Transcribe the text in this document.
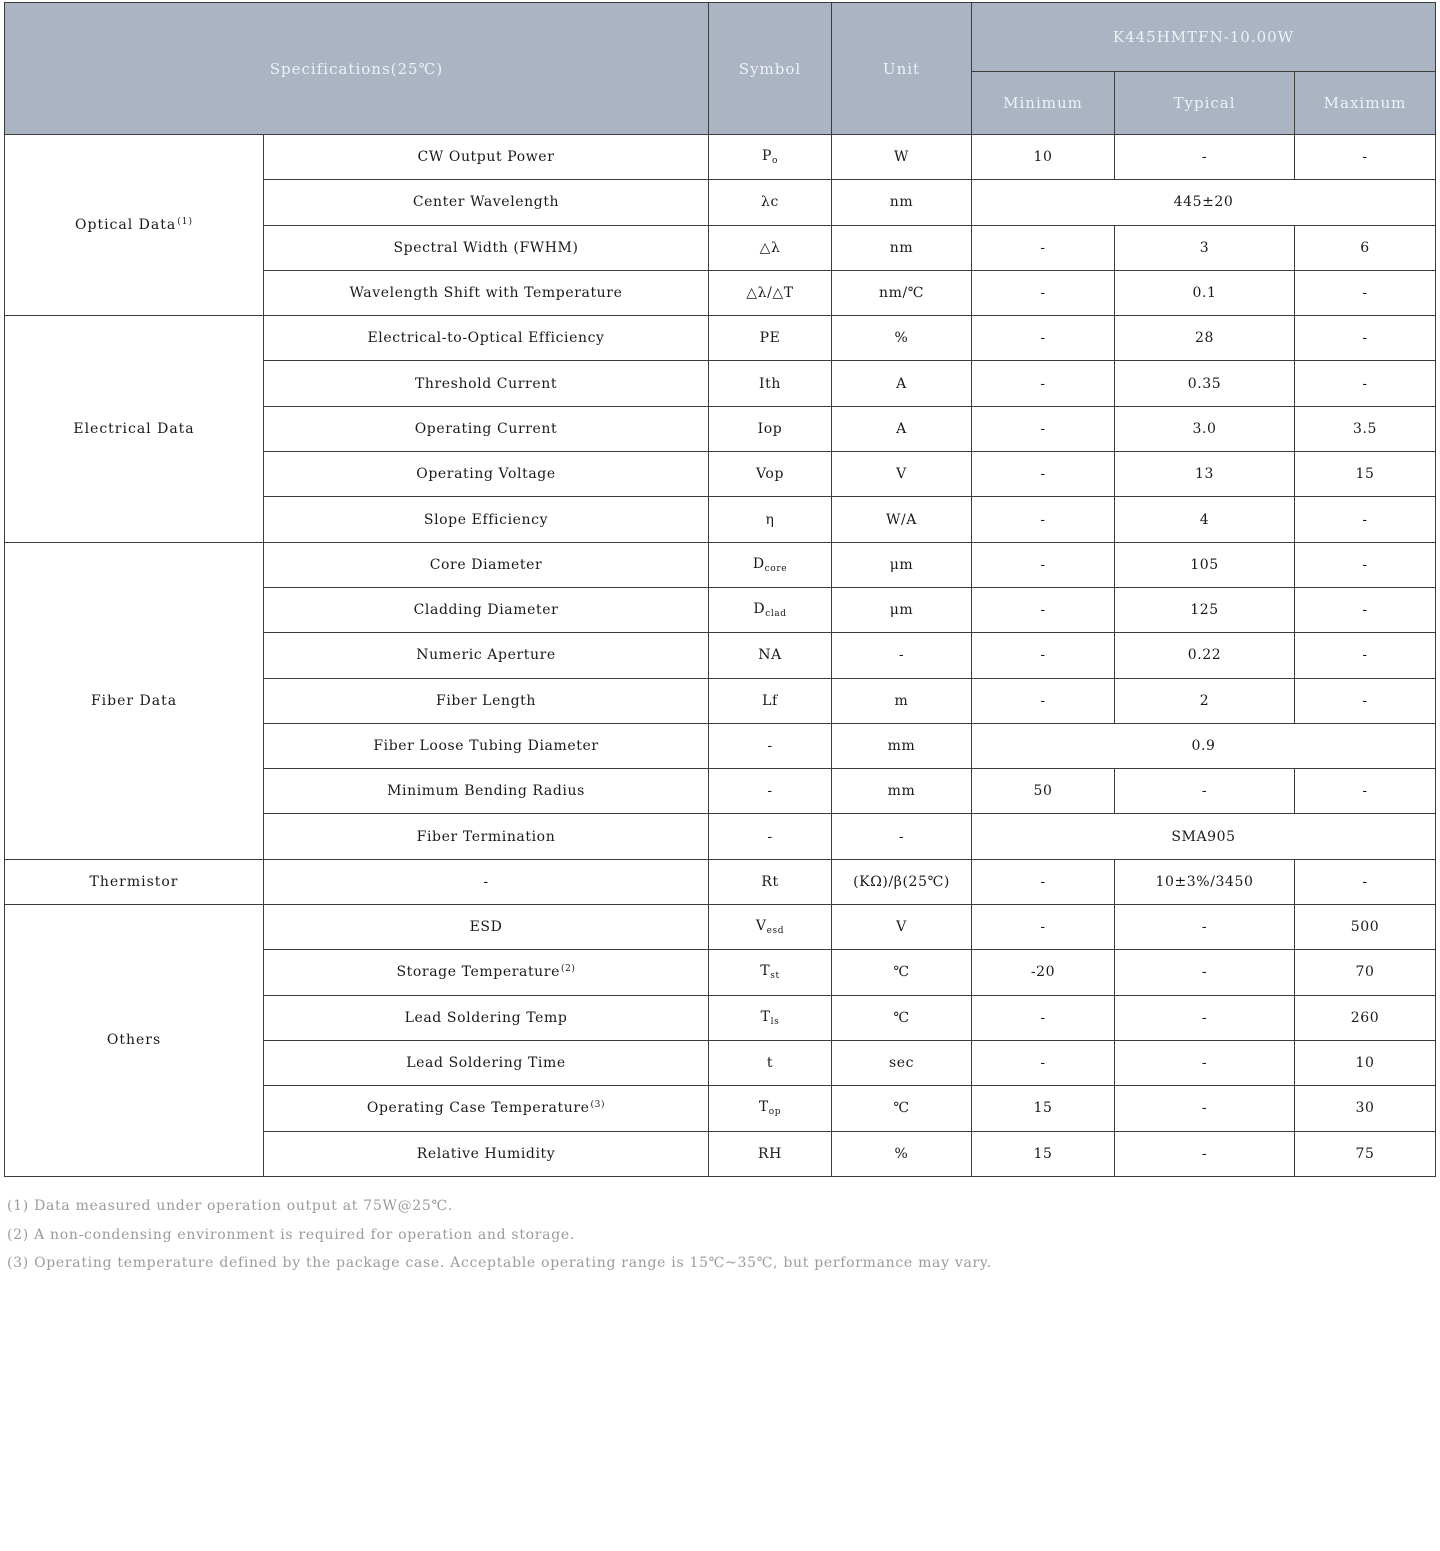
Specifications(25℃)		Symbol	Unit	K445HMTFN-10.00W		
				Minimum	Typical	Maximum
Optical Data$^{(1)}$	CW Output Power	$P_o$	W	10	-	-
	Center Wavelength	λc	nm	445±20		
	Spectral Width (FWHM)	△λ	nm	-	3	6
	Wavelength Shift with Temperature	△λ/△T	nm/℃	-	0.1	-
Electrical Data	Electrical-to-Optical Efficiency	PE	%	-	28	-
	Threshold Current	Ith	A	-	0.35	-
	Operating Current	Iop	A	-	3.0	3.5
	Operating Voltage	Vop	V	-	13	15
	Slope Efficiency	η	W/A	-	4	-
Fiber Data	Core Diameter	$D_{core}$	μm	-	105	-
	Cladding Diameter	$D_{clad}$	μm	-	125	-
	Numeric Aperture	NA	-	-	0.22	-
	Fiber Length	Lf	m	-	2	-
	Fiber Loose Tubing Diameter	-	mm	0.9		
	Minimum Bending Radius	-	mm	50	-	-
	Fiber Termination	-	-	SMA905		
Thermistor	-	Rt	(KΩ)/β(25℃)	-	10±3%/3450	-
Others	ESD	$V_{esd}$	V	-	-	500
	Storage Temperature$^{(2)}$	$T_{st}$	℃	-20	-	70
	Lead Soldering Temp	$T_{ls}$	℃	-	-	260
	Lead Soldering Time	t	sec	-	-	10
	Operating Case Temperature$^{(3)}$	$T_{op}$	℃	15	-	30
	Relative Humidity	RH	%	15	-	75
(1) Data measured under operation output at 75W@25℃.
(2) A non-condensing environment is required for operation and storage.
(3) Operating temperature defined by the package case. Acceptable operating range is 15℃~35℃, but performance may vary.
